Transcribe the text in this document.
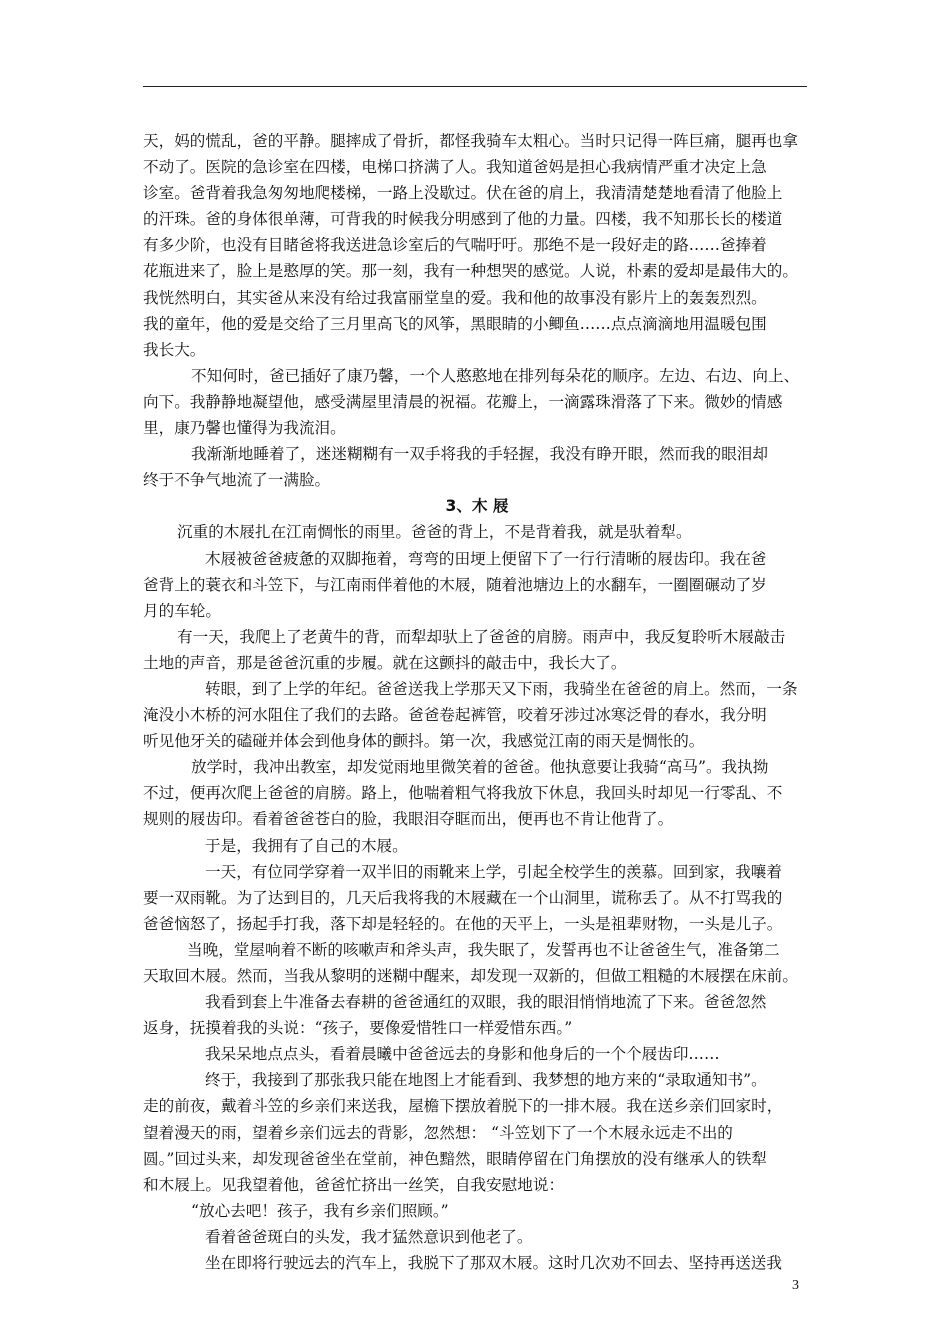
天，妈的慌乱，爸的平静。腿摔成了骨折，都怪我骑车太粗心。当时只记得一阵巨痛，腿再也拿
不动了。医院的急诊室在四楼，电梯口挤满了人。我知道爸妈是担心我病情严重才决定上急
诊室。爸背着我急匆匆地爬楼梯，一路上没歇过。伏在爸的肩上，我清清楚楚地看清了他脸上
的汗珠。爸的身体很单薄，可背我的时候我分明感到了他的力量。四楼，我不知那长长的楼道
有多少阶，也没有目睹爸将我送进急诊室后的气喘吁吁。那绝不是一段好走的路……爸捧着
花瓶进来了，脸上是憨厚的笑。那一刻，我有一种想哭的感觉。人说，朴素的爱却是最伟大的。
我恍然明白，其实爸从来没有给过我富丽堂皇的爱。我和他的故事没有影片上的轰轰烈烈。
我的童年，他的爱是交给了三月里高飞的风筝，黑眼睛的小鲫鱼……点点滴滴地用温暖包围
我长大。
不知何时，爸已插好了康乃馨，一个人憨憨地在排列每朵花的顺序。左边、右边、向上、
向下。我静静地凝望他，感受满屋里清晨的祝福。花瓣上，一滴露珠滑落了下来。微妙的情感
里，康乃馨也懂得为我流泪。
我渐渐地睡着了，迷迷糊糊有一双手将我的手轻握，我没有睁开眼，然而我的眼泪却
终于不争气地流了一满脸。
3、木 屐
沉重的木屐扎在江南惆怅的雨里。爸爸的背上，不是背着我，就是驮着犁。
木屐被爸爸疲惫的双脚拖着，弯弯的田埂上便留下了一行行清晰的屐齿印。我在爸
爸背上的蓑衣和斗笠下，与江南雨伴着他的木屐，随着池塘边上的水翻车，一圈圈碾动了岁
月的车轮。
有一天，我爬上了老黄牛的背，而犁却驮上了爸爸的肩膀。雨声中，我反复聆听木屐敲击
土地的声音，那是爸爸沉重的步履。就在这颤抖的敲击中，我长大了。
转眼，到了上学的年纪。爸爸送我上学那天又下雨，我骑坐在爸爸的肩上。然而，一条
淹没小木桥的河水阻住了我们的去路。爸爸卷起裤管，咬着牙涉过冰寒泛骨的春水，我分明
听见他牙关的磕碰并体会到他身体的颤抖。第一次，我感觉江南的雨天是惆怅的。
放学时，我冲出教室，却发觉雨地里微笑着的爸爸。他执意要让我骑“高马”。我执拗
不过，便再次爬上爸爸的肩膀。路上，他喘着粗气将我放下休息，我回头时却见一行零乱、不
规则的屐齿印。看着爸爸苍白的脸，我眼泪夺眶而出，便再也不肯让他背了。
于是，我拥有了自己的木屐。
一天，有位同学穿着一双半旧的雨靴来上学，引起全校学生的羡慕。回到家，我嚷着
要一双雨靴。为了达到目的，几天后我将我的木屐藏在一个山洞里，谎称丢了。从不打骂我的
爸爸恼怒了，扬起手打我，落下却是轻轻的。在他的天平上，一头是祖辈财物，一头是儿子。
当晚，堂屋响着不断的咳嗽声和斧头声，我失眠了，发誓再也不让爸爸生气，准备第二
天取回木屐。然而，当我从黎明的迷糊中醒来，却发现一双新的，但做工粗糙的木屐摆在床前。
我看到套上牛准备去春耕的爸爸通红的双眼，我的眼泪悄悄地流了下来。爸爸忽然
返身，抚摸着我的头说：“孩子，要像爱惜牲口一样爱惜东西。”
我呆呆地点点头，看着晨曦中爸爸远去的身影和他身后的一个个屐齿印……
终于，我接到了那张我只能在地图上才能看到、我梦想的地方来的“录取通知书”。
走的前夜，戴着斗笠的乡亲们来送我，屋檐下摆放着脱下的一排木屐。我在送乡亲们回家时，
望着漫天的雨，望着乡亲们远去的背影，忽然想： “斗笠划下了一个木屐永远走不出的
圆。”回过头来，却发现爸爸坐在堂前，神色黯然，眼睛停留在门角摆放的没有继承人的铁犁
和木屐上。见我望着他，爸爸忙挤出一丝笑，自我安慰地说：
“放心去吧！孩子，我有乡亲们照顾。”
看着爸爸斑白的头发，我才猛然意识到他老了。
坐在即将行驶远去的汽车上，我脱下了那双木屐。这时几次劝不回去、坚持再送送我
3
